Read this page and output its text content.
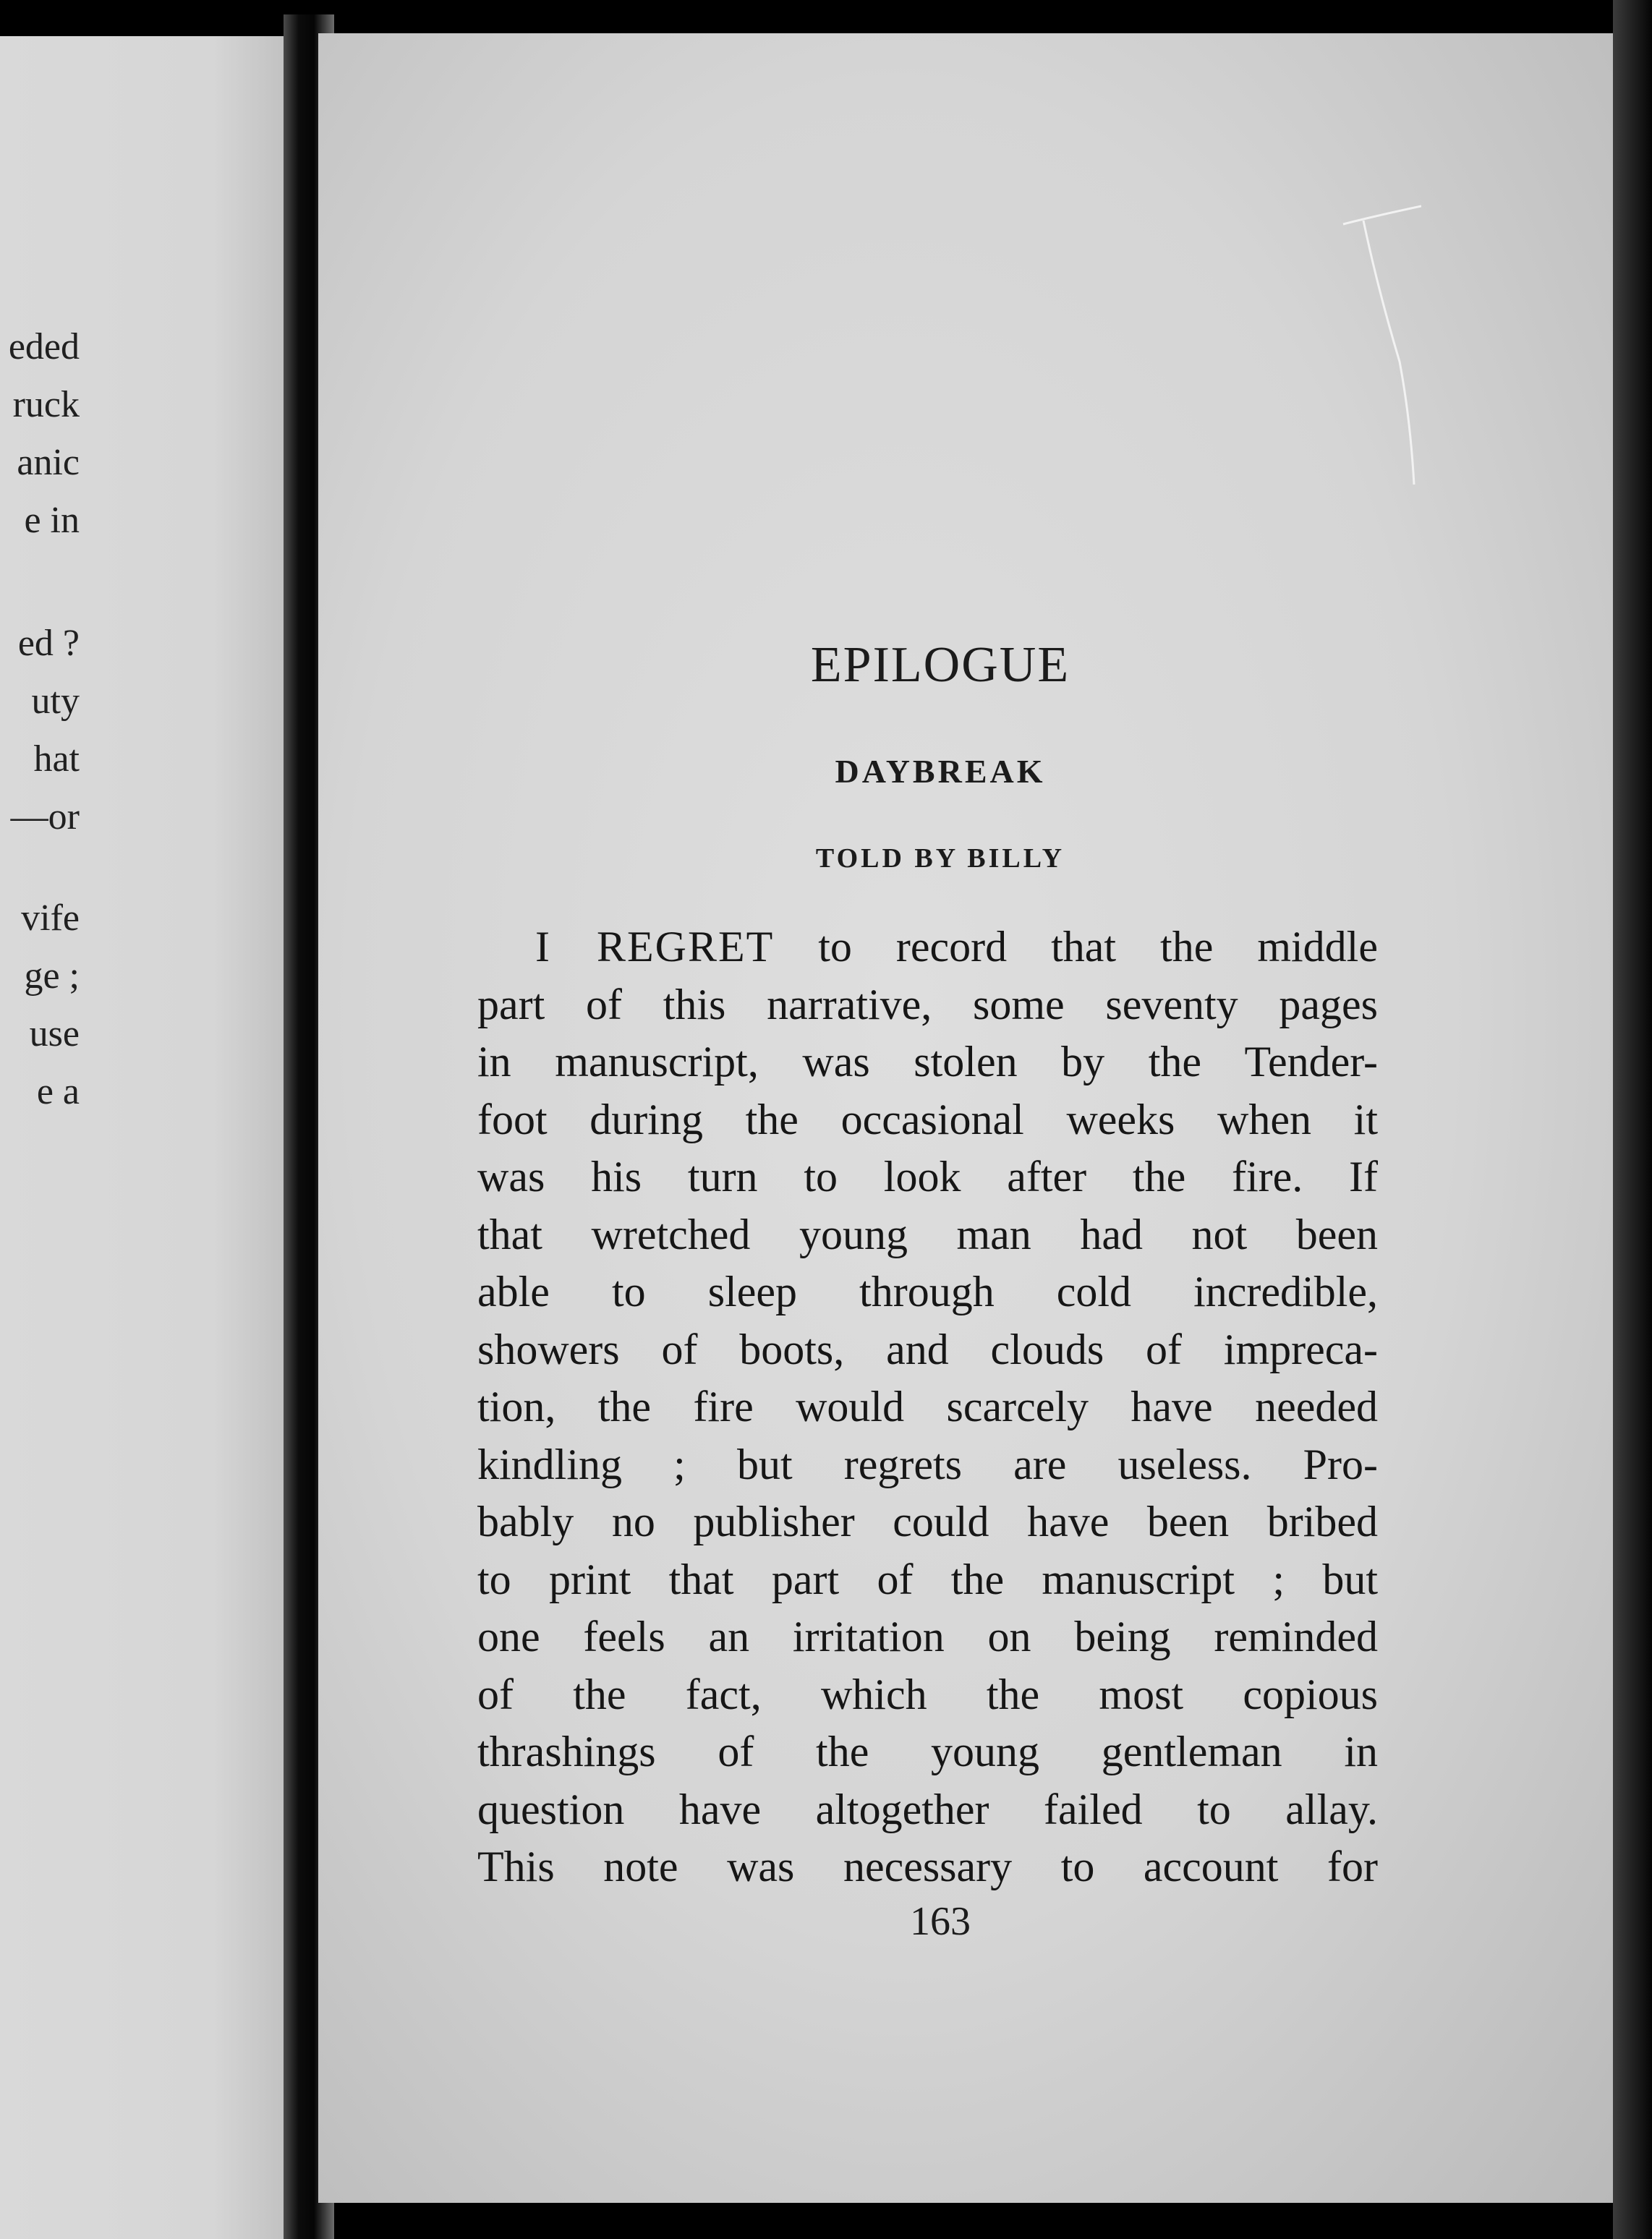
eded
ruck
anic
e in
ed ?
uty
hat
—or
vife
ge ;
use
e a
EPILOGUE
DAYBREAK
TOLD BY BILLY
I REGRET to record that the middle
part of this narrative, some seventy pages
in manuscript, was stolen by the Tender-
foot during the occasional weeks when it
was his turn to look after the fire. If
that wretched young man had not been
able to sleep through cold incredible,
showers of boots, and clouds of impreca-
tion, the fire would scarcely have needed
kindling ; but regrets are useless. Pro-
bably no publisher could have been bribed
to print that part of the manuscript ; but
one feels an irritation on being reminded
of the fact, which the most copious
thrashings of the young gentleman in
question have altogether failed to allay.
This note was necessary to account for
163
